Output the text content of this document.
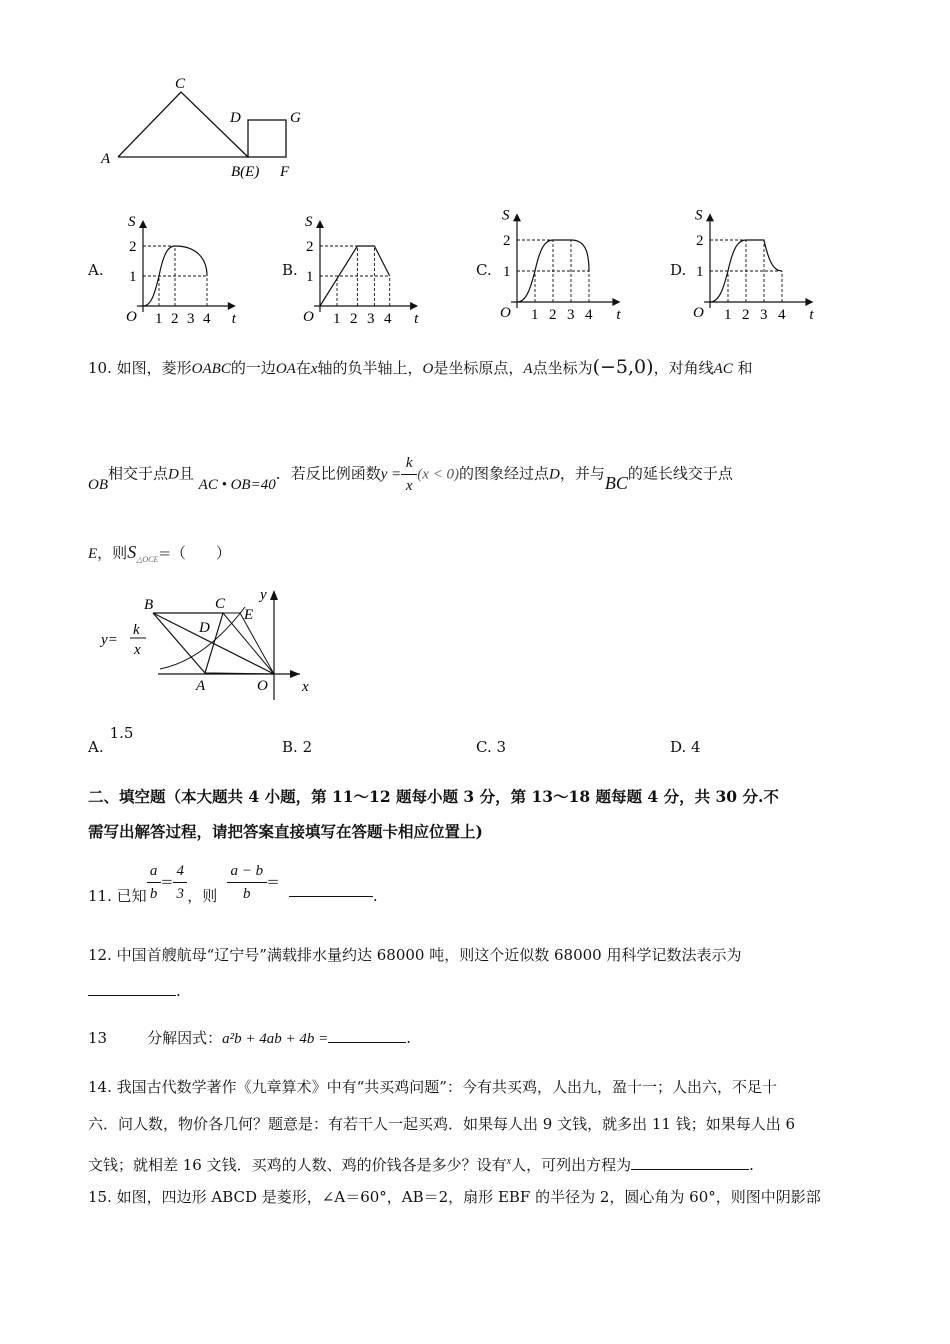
C
D	G
A
B(E) F
A.	B.	C.	D.
10. 如图，菱形OABC的一边OA在x轴的负半轴上，O是坐标原点，A点坐标为(−5,0)，对角线AC 和
OB相交于点D且 AC • OB=40．若反比例函数$y = \frac{k}{x} (x < 0)$的图象经过点D，并与BC的延长线交于点
E，则$S_{\triangle OCE}=$（　　）
B	C
D
E
A	O x
y
y=
k
x
A.1.5
B. 2	C. 3	D. 4
二、填空题（本大题共 4 小题，第 11～12 题每小题 3 分，第 13～18 题每题 4 分，共 30 分.不
需写出解答过程，请把答案直接填写在答题卡相应位置上)
11. 已知 $\frac{a}{b} = \frac{4}{3}$ ，则 $\frac{a - b}{b}$ =  .
12. 中国首艘航母“辽宁号”满载排水量约达 68000 吨，则这个近似数 68000 用科学记数法表示为
.
13	分解因式：a²b + 4ab + 4b =	.
14. 我国古代数学著作《九章算术》中有“共买鸡问题”：今有共买鸡，人出九，盈十一；人出六，不足十
六．问人数，物价各几何？题意是：有若干人一起买鸡．如果每人出 9 文钱，就多出 11 钱；如果每人出 6
文钱；就相差 16 文钱．买鸡的人数、鸡的价钱各是多少？设有$^x$人，可列出方程为	.
15. 如图，四边形 ABCD 是菱形，∠A＝60°，AB＝2，扇形 EBF 的半径为 2，圆心角为 60°，则图中阴影部
1 2 3 4
1
2
O	t
S
1 2 3 4
1
2
O	t
S
1 2 3 4
1
2
O	t
S
1 2 3 4
1
2
O	t
S
